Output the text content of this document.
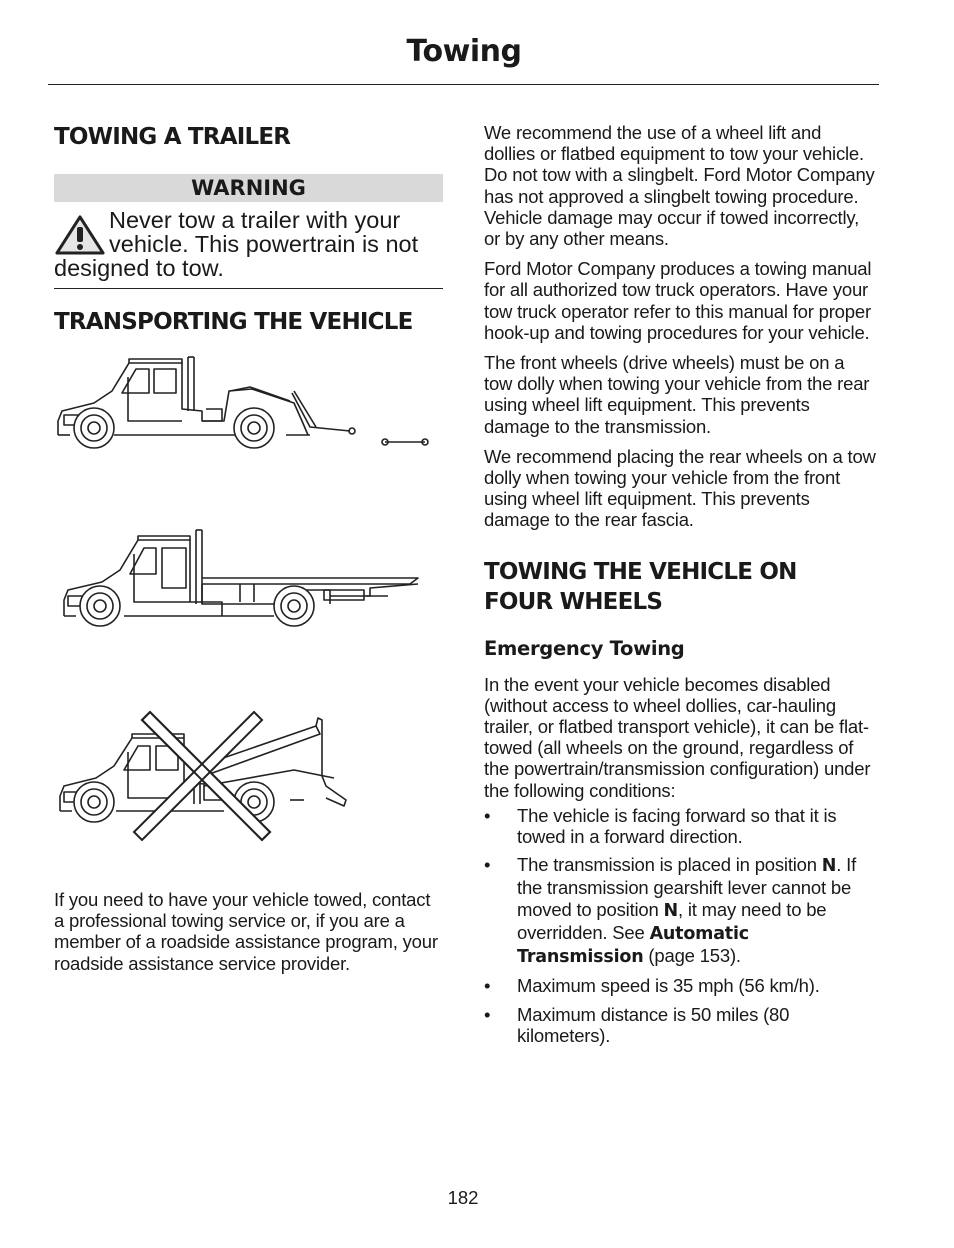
Towing
TOWING A TRAILER
WARNING
Never tow a trailer with your vehicle. This powertrain is not designed to tow.
TRANSPORTING THE VEHICLE

If you need to have your vehicle towed, contact a professional towing service or, if you are a member of a roadside assistance program, your roadside assistance service provider.

We recommend the use of a wheel lift and dollies or flatbed equipment to tow your vehicle. Do not tow with a slingbelt. Ford Motor Company has not approved a slingbelt towing procedure. Vehicle damage may occur if towed incorrectly, or by any other means.

Ford Motor Company produces a towing manual for all authorized tow truck operators. Have your tow truck operator refer to this manual for proper hook-up and towing procedures for your vehicle.

The front wheels (drive wheels) must be on a tow dolly when towing your vehicle from the rear using wheel lift equipment. This prevents damage to the transmission.

We recommend placing the rear wheels on a tow dolly when towing your vehicle from the front using wheel lift equipment. This prevents damage to the rear fascia.

TOWING THE VEHICLE ON
FOUR WHEELS
Emergency Towing

In the event your vehicle becomes disabled (without access to wheel dollies, car-hauling trailer, or flatbed transport vehicle), it can be flat-towed (all wheels on the ground, regardless of the powertrain/transmission configuration) under the following conditions:

• The vehicle is facing forward so that it is towed in a forward direction.
• The transmission is placed in position N. If the transmission gearshift lever cannot be moved to position N, it may need to be overridden. See Automatic Transmission (page 153).
• Maximum speed is 35 mph (56 km/h).
• Maximum distance is 50 miles (80 kilometers).
182
